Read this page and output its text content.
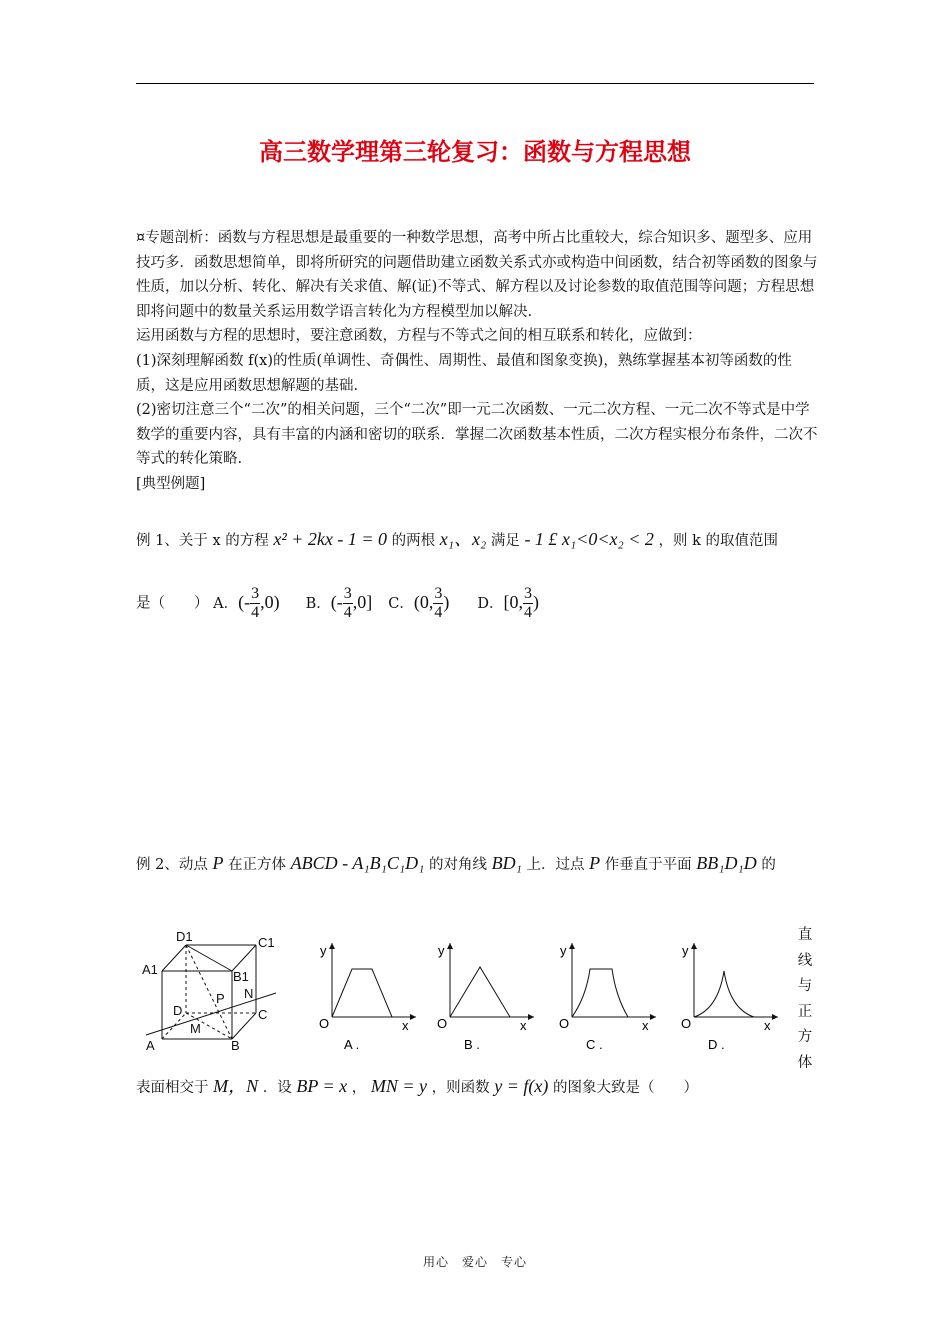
高三数学理第三轮复习：函数与方程思想

¤专题剖析：函数与方程思想是最重要的一种数学思想，高考中所占比重较大，综合知识多、题型多、应用技巧多．函数思想简单，即将所研究的问题借助建立函数关系式亦或构造中间函数，结合初等函数的图象与性质，加以分析、转化、解决有关求值、解(证)不等式、解方程以及讨论参数的取值范围等问题；方程思想即将问题中的数量关系运用数学语言转化为方程模型加以解决.

运用函数与方程的思想时，要注意函数，方程与不等式之间的相互联系和转化，应做到：

(1)深刻理解函数 f(x)的性质(单调性、奇偶性、周期性、最值和图象变换)，熟练掌握基本初等函数的性质，这是应用函数思想解题的基础.

(2)密切注意三个“二次”的相关问题，三个“二次”即一元二次函数、一元二次方程、一元二次不等式是中学数学的重要内容，具有丰富的内涵和密切的联系．掌握二次函数基本性质，二次方程实根分布条件，二次不等式的转化策略.

[典型例题]

例 1、关于 x 的方程 x² + 2kx - 1 = 0 的两根 x₁、x₂ 满足 - 1 £ x₁<0<x₂ < 2 ，则 k 的取值范围
是（　　） A．(- $\frac{3}{4} ,0$) B．(- $\frac{3}{4} ,0$] C．(0, $\frac{3}{4}$ ) D．[0, $\frac{3}{4}$ )
例 2、动点 P 在正方体 ABCD - A₁B₁C₁D₁ 的对角线 BD₁ 上．过点 P 作垂直于平面 BB₁D₁D 的
直
线
与
正
方
体
D1	C1
A1	B1
P N
D
M
C
A	B
y
O	x
A .
y
O	x
B .
y
O	x
C .
y
O	x
D .
表面相交于 M，N ．设 BP = x ， MN = y ，则函数 y = f(x) 的图象大致是（　　）
用心　爱心　专心
